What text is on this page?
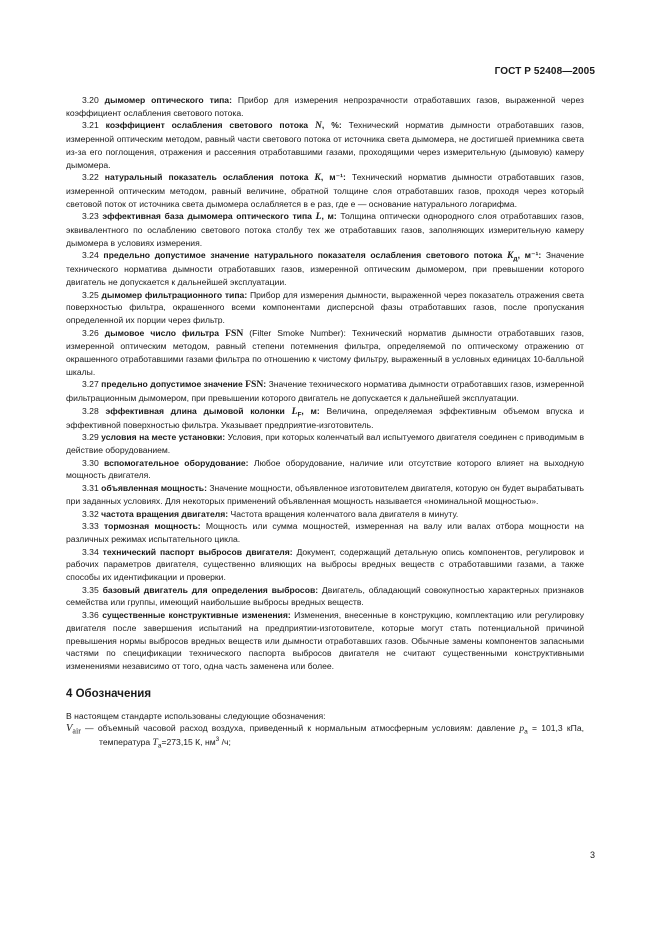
ГОСТ Р 52408—2005

3.20 дымомер оптического типа: Прибор для измерения непрозрачности отработавших газов, выраженной через коэффициент ослабления светового потока.

3.21 коэффициент ослабления светового потока N, %: Технический норматив дымности отработавших газов, измеренной оптическим методом, равный части светового потока от источника света дымомера, не достигшей приемника света из-за его поглощения, отражения и рассеяния отработавшими газами, проходящими через измерительную (дымовую) камеру дымомера.

3.22 натуральный показатель ослабления потока K, м⁻¹: Технический норматив дымности отработавших газов, измеренной оптическим методом, равный величине, обратной толщине слоя отработавших газов, проходя через который световой поток от источника света дымомера ослабляется в e раз, где e — основание натурального логарифма.

3.23 эффективная база дымомера оптического типа L, м: Толщина оптически однородного слоя отработавших газов, эквивалентного по ослаблению светового потока столбу тех же отработавших газов, заполняющих измерительную камеру дымомера в условиях измерения.

3.24 предельно допустимое значение натурального показателя ослабления светового потока $K_д$, м⁻¹: Значение технического норматива дымности отработавших газов, измеренной оптическим дымомером, при превышении которого двигатель не допускается к дальнейшей эксплуатации.

3.25 дымомер фильтрационного типа: Прибор для измерения дымности, выраженной через показатель отражения света поверхностью фильтра, окрашенного всеми компонентами дисперсной фазы отработавших газов, после пропускания определенной их порции через фильтр.

3.26 дымовое число фильтра FSN (Filter Smoke Number): Технический норматив дымности отработавших газов, измеренной оптическим методом, равный степени потемнения фильтра, определяемой по оптическому отражению от окрашенного отработавшими газами фильтра по отношению к чистому фильтру, выраженный в условных единицах 10-балльной шкалы.

3.27 предельно допустимое значение FSN: Значение технического норматива дымности отработавших газов, измеренной фильтрационным дымомером, при превышении которого двигатель не допускается к дальнейшей эксплуатации.

3.28 эффективная длина дымовой колонки $L_F$, м: Величина, определяемая эффективным объемом впуска и эффективной поверхностью фильтра. Указывает предприятие-изготовитель.

3.29 условия на месте установки: Условия, при которых коленчатый вал испытуемого двигателя соединен с приводимым в действие оборудованием.

3.30 вспомогательное оборудование: Любое оборудование, наличие или отсутствие которого влияет на выходную мощность двигателя.

3.31 объявленная мощность: Значение мощности, объявленное изготовителем двигателя, которую он будет вырабатывать при заданных условиях. Для некоторых применений объявленная мощность называется «номинальной мощностью».

3.32 частота вращения двигателя: Частота вращения коленчатого вала двигателя в минуту.

3.33 тормозная мощность: Мощность или сумма мощностей, измеренная на валу или валах отбора мощности на различных режимах испытательного цикла.

3.34 технический паспорт выбросов двигателя: Документ, содержащий детальную опись компонентов, регулировок и рабочих параметров двигателя, существенно влияющих на выбросы вредных веществ с отработавшими газами, а также способы их идентификации и проверки.

3.35 базовый двигатель для определения выбросов: Двигатель, обладающий совокупностью характерных признаков семейства или группы, имеющий наибольшие выбросы вредных веществ.

3.36 существенные конструктивные изменения: Изменения, внесенные в конструкцию, комплектацию или регулировку двигателя после завершения испытаний на предприятии-изготовителе, которые могут стать потенциальной причиной превышения нормы выбросов вредных веществ или дымности отработавших газов. Обычные замены компонентов запасными частями по спецификации технического паспорта выбросов двигателя не считают существенными конструктивными изменениями независимо от того, одна часть заменена или более.

4 Обозначения

В настоящем стандарте использованы следующие обозначения:

$V_{air}$ — объемный часовой расход воздуха, приведенный к нормальным атмосферным условиям: давление $p_a = 101,3$ кПа, температура $T_a=273,15$ К, $нм^3$ /ч;

3
